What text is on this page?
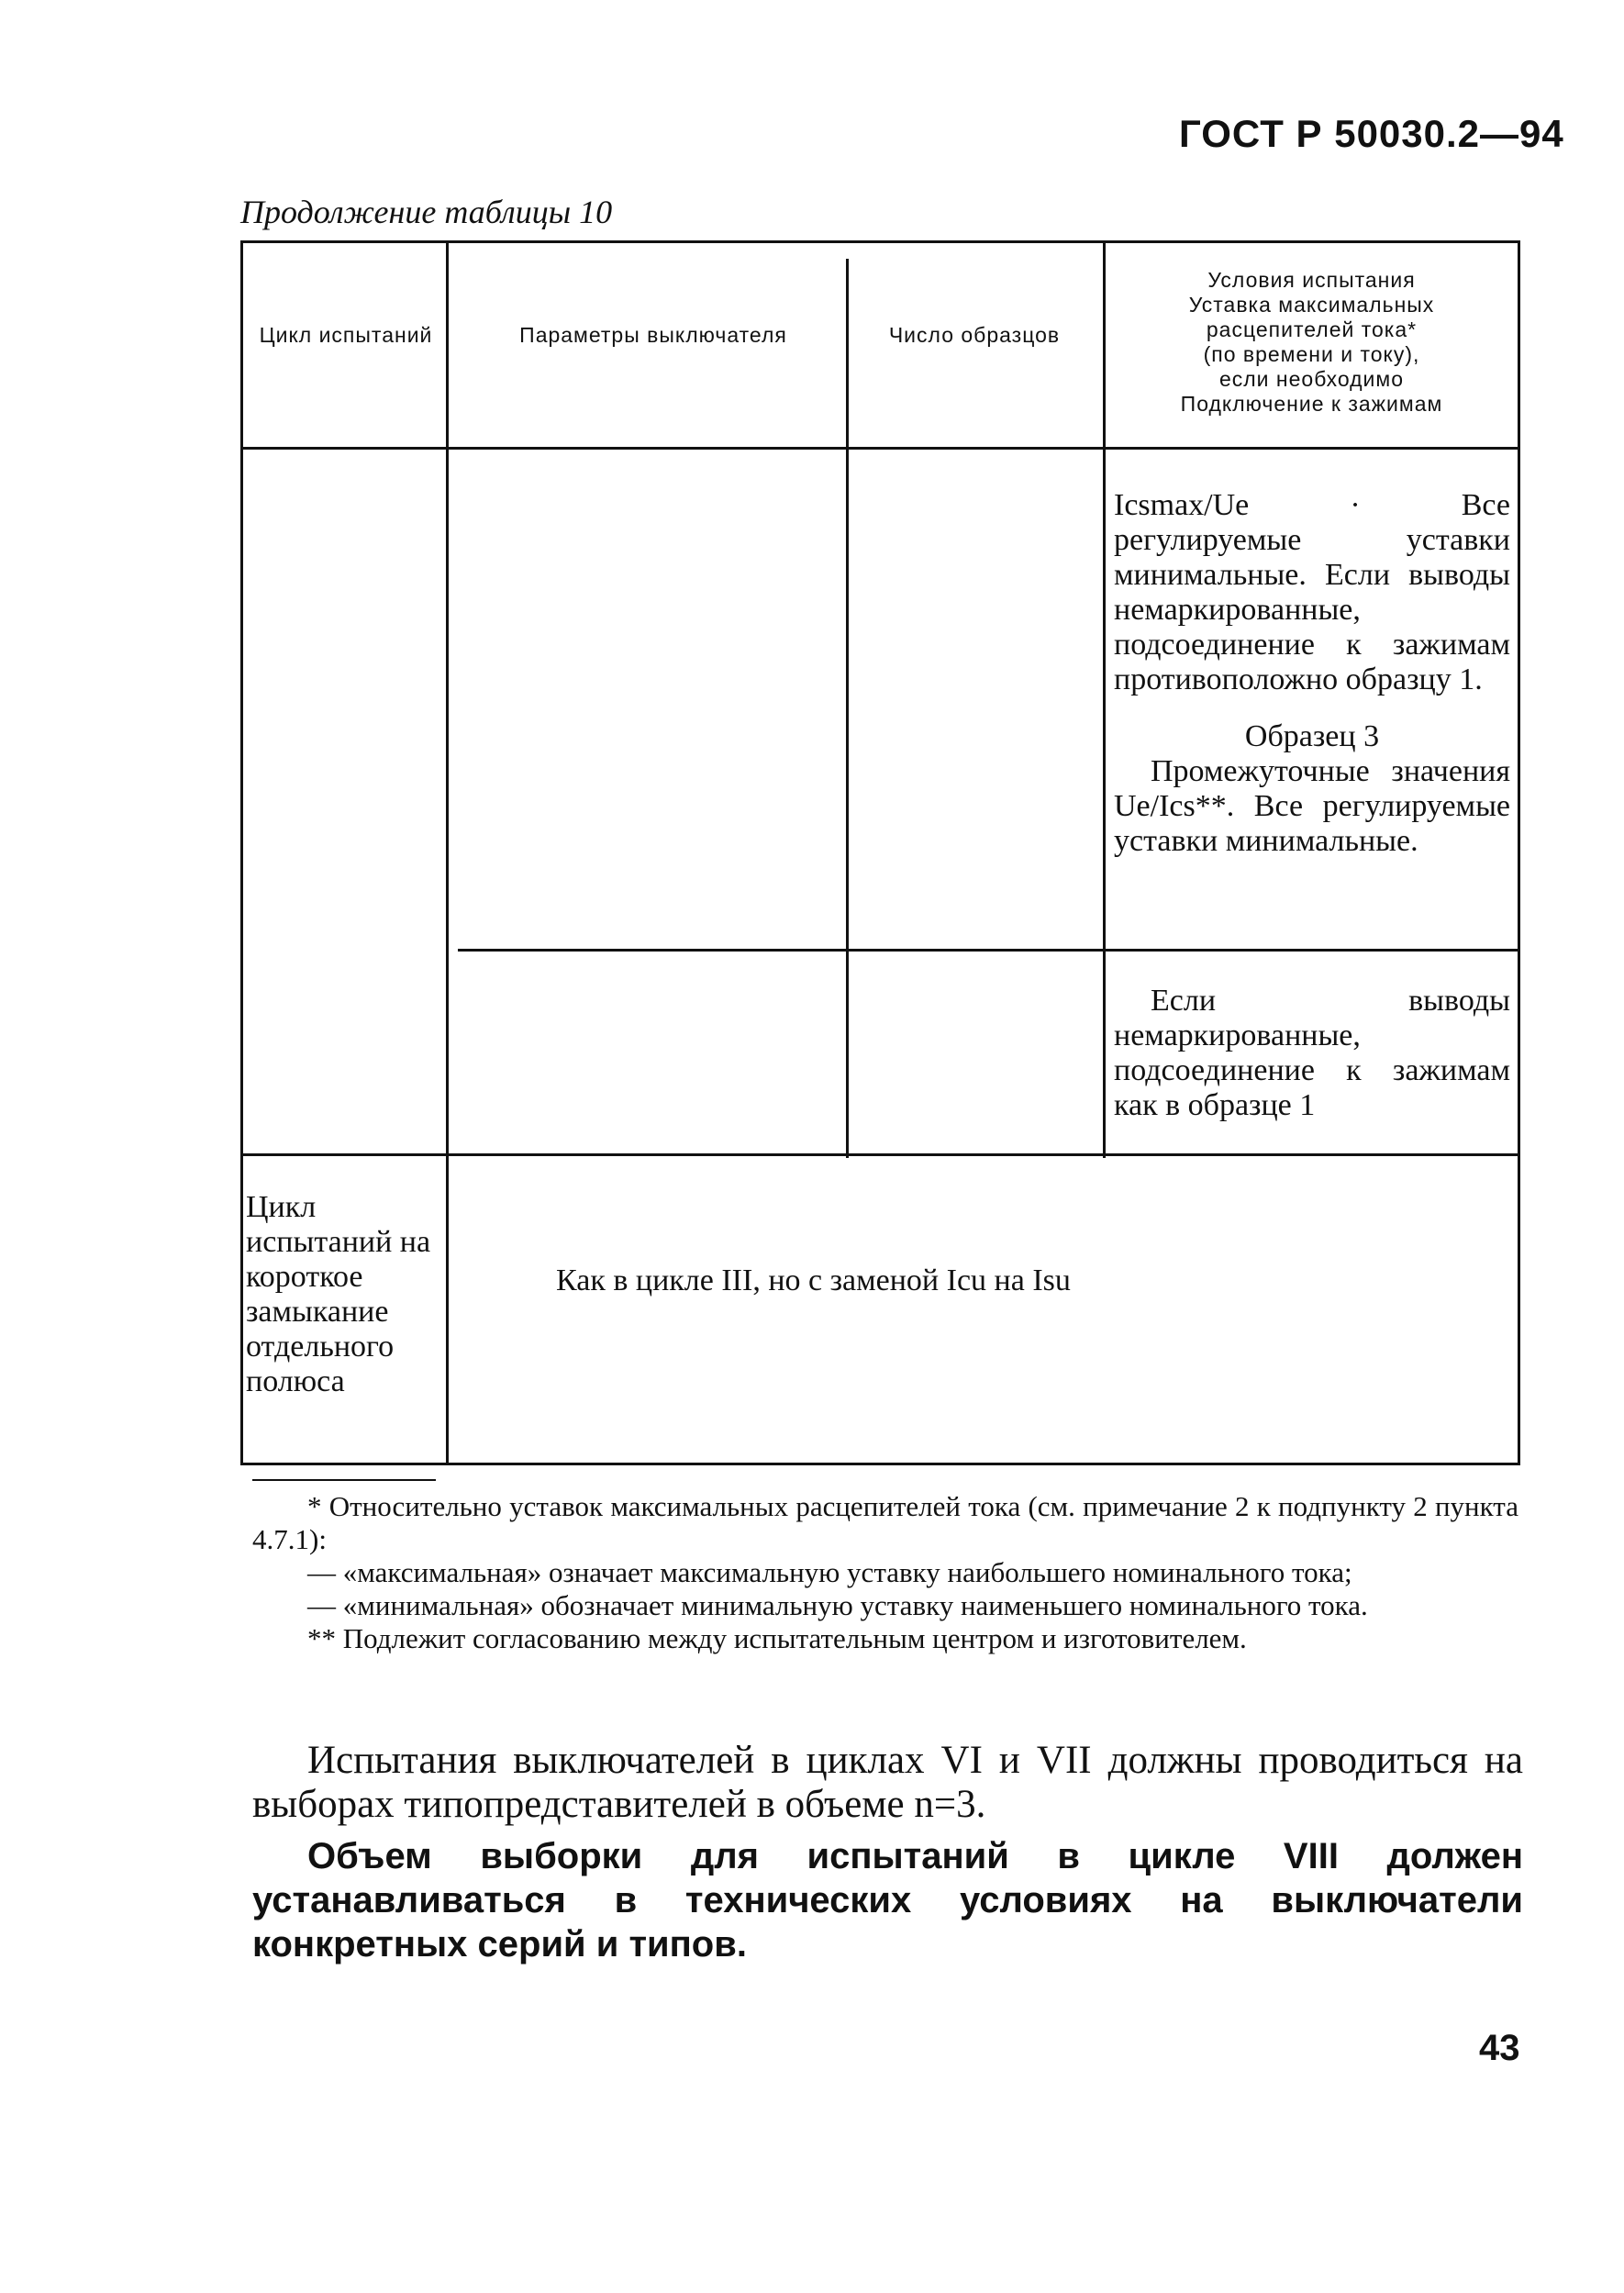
ГОСТ Р 50030.2—94
Продолжение таблицы 10
Цикл испытаний	Параметры выключателя	Число образцов
Условия испытания
Уставка максимальных
расцепителей тока*
(по времени и току),
если необходимо
Подключение к зажимам

Icsmax/Ue · Все регулируемые уставки минимальные. Если выводы немаркированные, подсоединение к зажимам противоположно образцу 1.

Образец 3

Промежуточные значения Ue/Ics**. Все регулируемые уставки минимальные.

Если выводы немаркированные, подсоединение к зажимам как в образце 1

Цикл испытаний на короткое замыкание отдельного полюса

Как в цикле III, но с заменой Icu на Isu

* Относительно уставок максимальных расцепителей тока (см. примечание 2 к подпункту 2 пункта 4.7.1):

— «максимальная» означает максимальную уставку наибольшего номинального тока;

— «минимальная» обозначает минимальную уставку наименьшего номинального тока.

** Подлежит согласованию между испытательным центром и изготовителем.

Испытания выключателей в циклах VI и VII должны проводиться на выборах типопредставителей в объеме n=3.

Объем выборки для испытаний в цикле VIII должен устанавливаться в технических условиях на выключатели конкретных серий и типов.

43
